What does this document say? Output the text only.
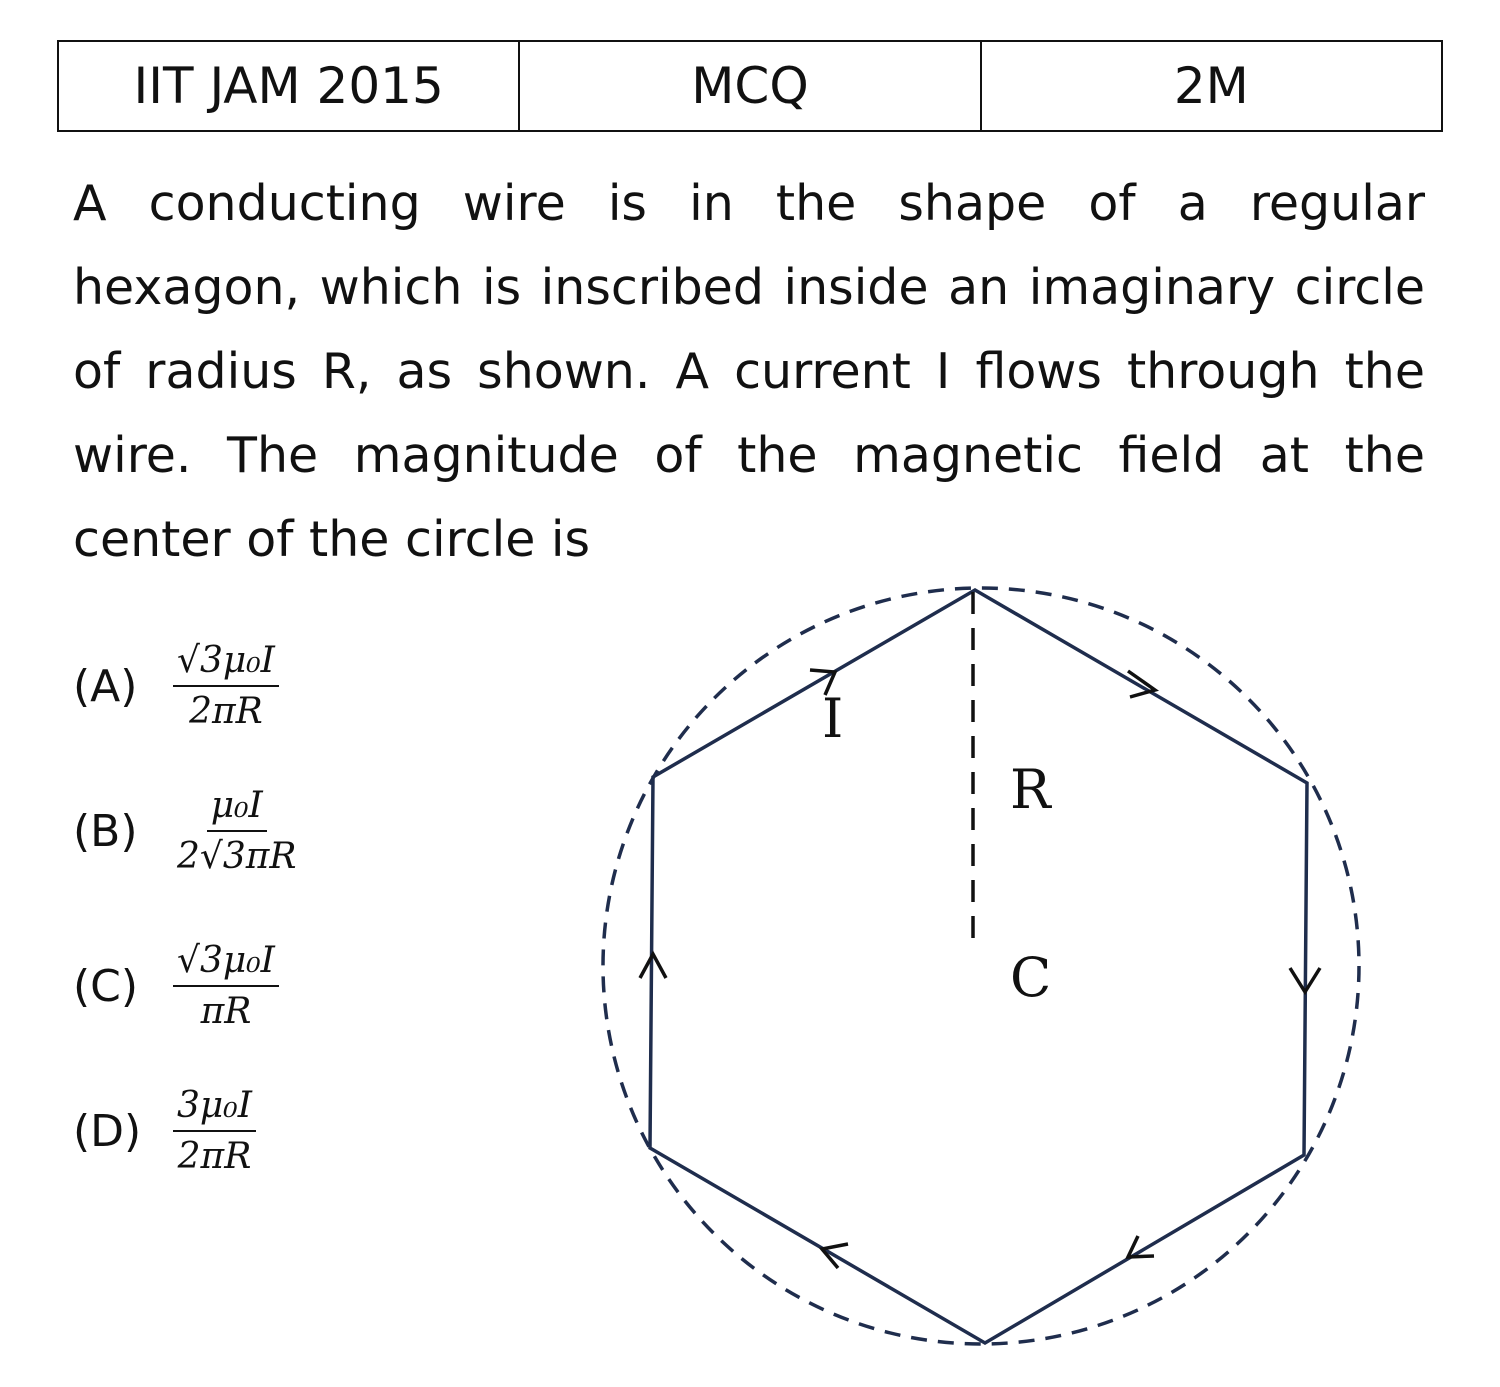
IIT JAM 2015	MCQ	2M

A conducting wire is in the shape of a regular hexagon, which is inscribed inside an imaginary circle of radius R, as shown. A current I flows through the wire. The magnitude of the magnetic field at the center of the circle is

$(A) \frac{\text{√3μ₀I}}{2\pi R}$
$(B) \frac{\text{μ₀I}}{2√3\pi R}$
$(C) \frac{\text{√3μ₀I}}{\pi R}$
$(D) \frac{\text{3μ₀I}}{2\pi R}$
I
R
C
